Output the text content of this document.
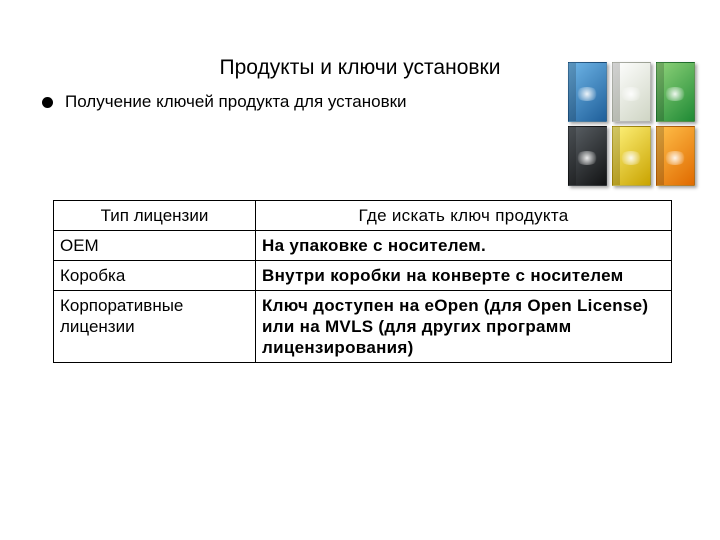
Продукты и ключи установки
Получение ключей продукта для установки
Тип лицензии	Где искать ключ продукта
OEM	На упаковке с носителем.
Коробка	Внутри коробки на конверте с носителем
Корпоративные лицензии	Ключ доступен на eOpen (для Open License) или на MVLS (для других программ лицензирования)
